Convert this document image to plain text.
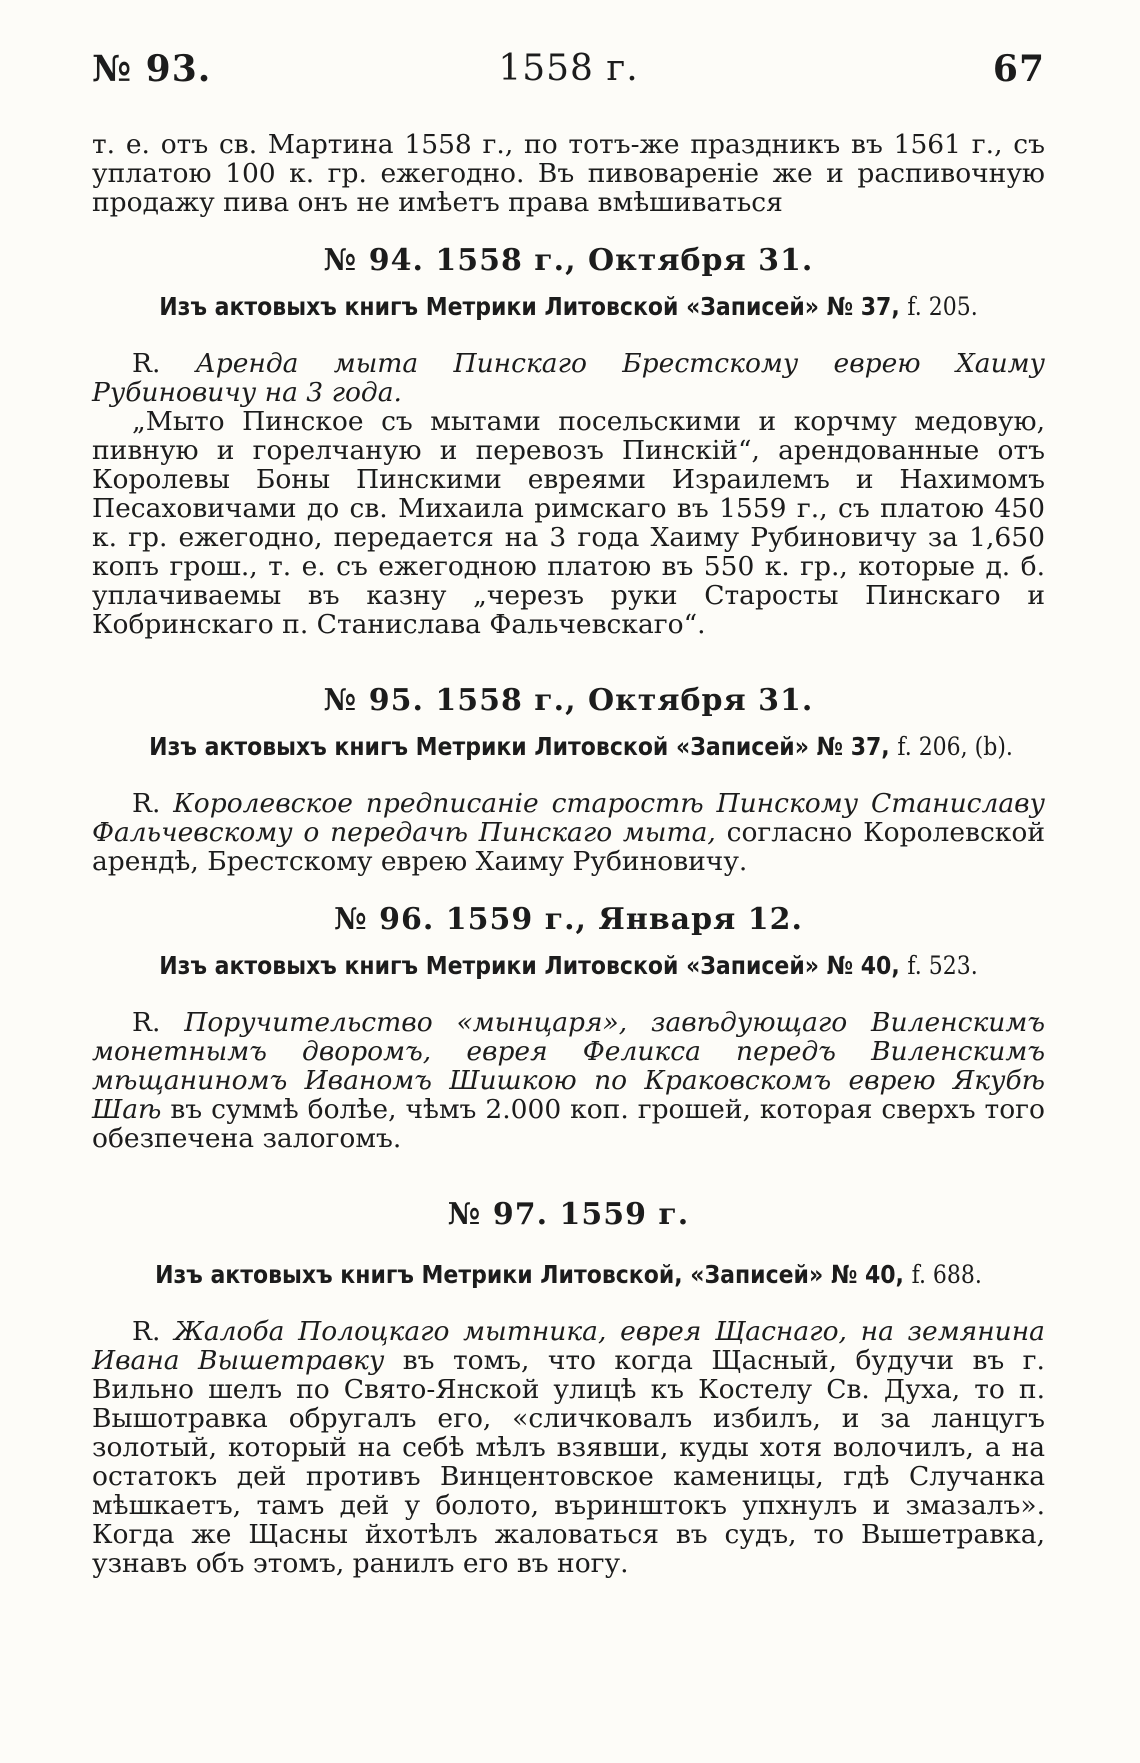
№ 93.	1558 г.	67

т. е. отъ св. Мартина 1558 г., по тотъ-же праздникъ въ 1561 г., съ уплатою 100 к. гр. ежегодно. Въ пивовареніе же и распивочную продажу пива онъ не имѣетъ права вмѣшиваться

№ 94. 1558 г., Октября 31.

Изъ актовыхъ книгъ Метрики Литовской «Записей» № 37, f. 205.

R. Аренда мыта Пинскаго Брестскому еврею Хаиму Рубиновичу на 3 года.

„Мыто Пинское съ мытами посельскими и корчму медовую, пивную и горелчаную и перевозъ Пинскій“, арендованные отъ Королевы Боны Пинскими евреями Израилемъ и Нахимомъ Песаховичами до св. Михаила римскаго въ 1559 г., съ платою 450 к. гр. ежегодно, передается на 3 года Хаиму Рубиновичу за 1,650 копъ грош., т. е. съ ежегодною платою въ 550 к. гр., которые д. б. уплачиваемы въ казну „черезъ руки Старосты Пинскаго и Кобринскаго п. Станислава Фальчевскаго“.

№ 95. 1558 г., Октября 31.

Изъ актовыхъ книгъ Метрики Литовской «Записей» № 37, f. 206, (b).

R. Королевское предписаніе старостѣ Пинскому Станиславу Фальчевскому о передачѣ Пинскаго мыта, согласно Королевской арендѣ, Брестскому еврею Хаиму Рубиновичу.

№ 96. 1559 г., Января 12.

Изъ актовыхъ книгъ Метрики Литовской «Записей» № 40, f. 523.

R. Поручительство «мынцаря», завѣдующаго Виленскимъ монетнымъ дворомъ, еврея Феликса передъ Виленскимъ мѣщаниномъ Иваномъ Шишкою по Краковскомъ еврею Якубѣ Шаѣ въ суммѣ болѣе, чѣмъ 2.000 коп. грошей, которая сверхъ того обезпечена залогомъ.

№ 97. 1559 г.

Изъ актовыхъ книгъ Метрики Литовской, «Записей» № 40, f. 688.

R. Жалоба Полоцкаго мытника, еврея Щаснаго, на земянина Ивана Вышетравку въ томъ, что когда Щасный, будучи въ г. Вильно шелъ по Свято-Янской улицѣ къ Костелу Св. Духа, то п. Вышотравка обругалъ его, «сличковалъ избилъ, и за ланцугъ золотый, который на себѣ мѣлъ взявши, куды хотя волочилъ, а на остатокъ дей противъ Винцентовское каменицы, гдѣ Случанка мѣшкаетъ, тамъ дей у болото, въринштокъ упхнулъ и змазалъ». Когда же Щасны йхотѣлъ жаловаться въ судъ, то Вышетравка, узнавъ объ этомъ, ранилъ его въ ногу.
